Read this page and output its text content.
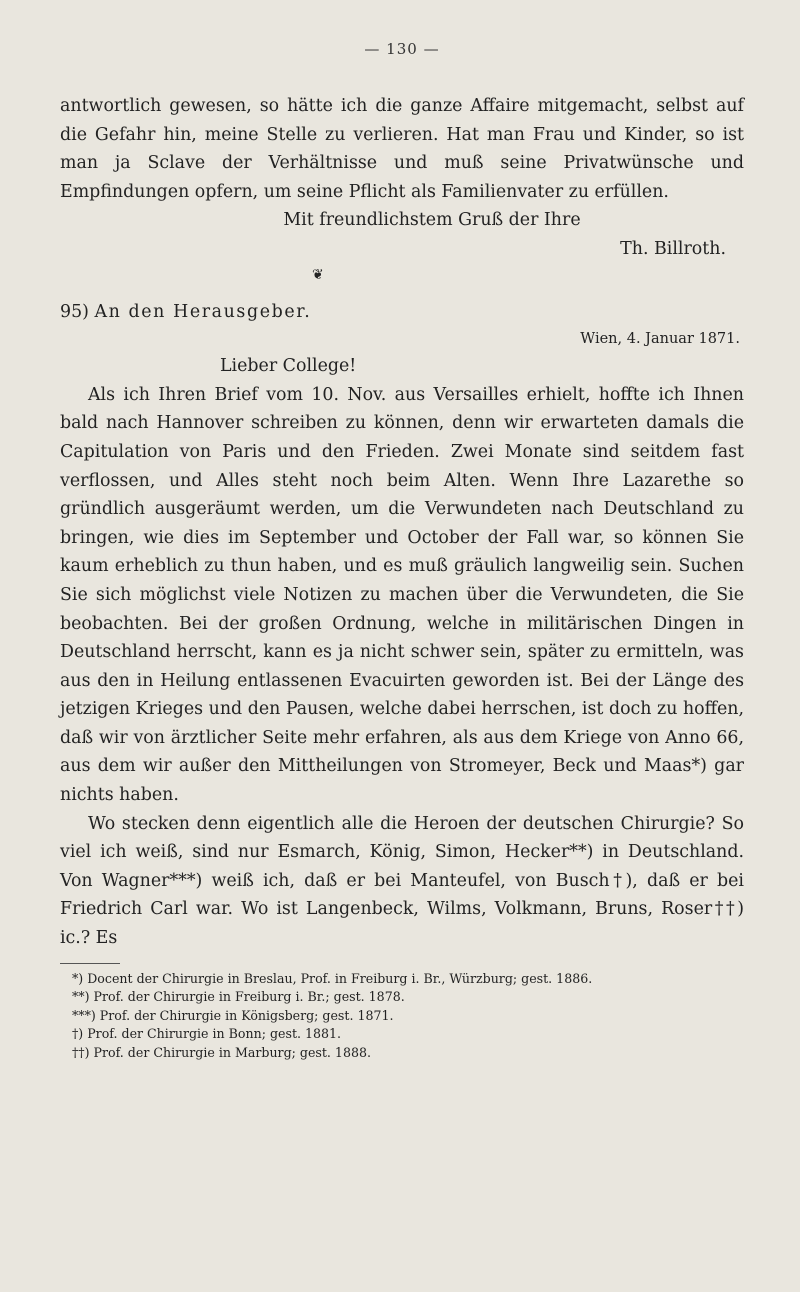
— 130 —

antwortlich gewesen, so hätte ich die ganze Affaire mitgemacht, selbst auf die Gefahr hin, meine Stelle zu verlieren. Hat man Frau und Kinder, so ist man ja Sclave der Verhältnisse und muß seine Privatwünsche und Empfindungen opfern, um seine Pflicht als Familienvater zu erfüllen.

Mit freundlichstem Gruß der Ihre

Th. Billroth.

❦

95) An den Herausgeber.

Wien, 4. Januar 1871.

Lieber College!

Als ich Ihren Brief vom 10. Nov. aus Versailles erhielt, hoffte ich Ihnen bald nach Hannover schreiben zu können, denn wir erwarteten damals die Capitulation von Paris und den Frieden. Zwei Monate sind seitdem fast verflossen, und Alles steht noch beim Alten. Wenn Ihre Lazarethe so gründlich ausgeräumt werden, um die Verwundeten nach Deutschland zu bringen, wie dies im September und October der Fall war, so können Sie kaum erheblich zu thun haben, und es muß gräulich langweilig sein. Suchen Sie sich möglichst viele Notizen zu machen über die Verwundeten, die Sie beobachten. Bei der großen Ordnung, welche in militärischen Dingen in Deutschland herrscht, kann es ja nicht schwer sein, später zu ermitteln, was aus den in Heilung entlassenen Evacuirten geworden ist. Bei der Länge des jetzigen Krieges und den Pausen, welche dabei herrschen, ist doch zu hoffen, daß wir von ärztlicher Seite mehr erfahren, als aus dem Kriege von Anno 66, aus dem wir außer den Mittheilungen von Stromeyer, Beck und Maas*) gar nichts haben.

Wo stecken denn eigentlich alle die Heroen der deutschen Chirurgie? So viel ich weiß, sind nur Esmarch, König, Simon, Hecker**) in Deutschland. Von Wagner***) weiß ich, daß er bei Manteufel, von Busch†), daß er bei Friedrich Carl war. Wo ist Langenbeck, Wilms, Volkmann, Bruns, Roser††) ic.? Es

*) Docent der Chirurgie in Breslau, Prof. in Freiburg i. Br., Würzburg; gest. 1886.
**) Prof. der Chirurgie in Freiburg i. Br.; gest. 1878.
***) Prof. der Chirurgie in Königsberg; gest. 1871.
†) Prof. der Chirurgie in Bonn; gest. 1881.
††) Prof. der Chirurgie in Marburg; gest. 1888.
